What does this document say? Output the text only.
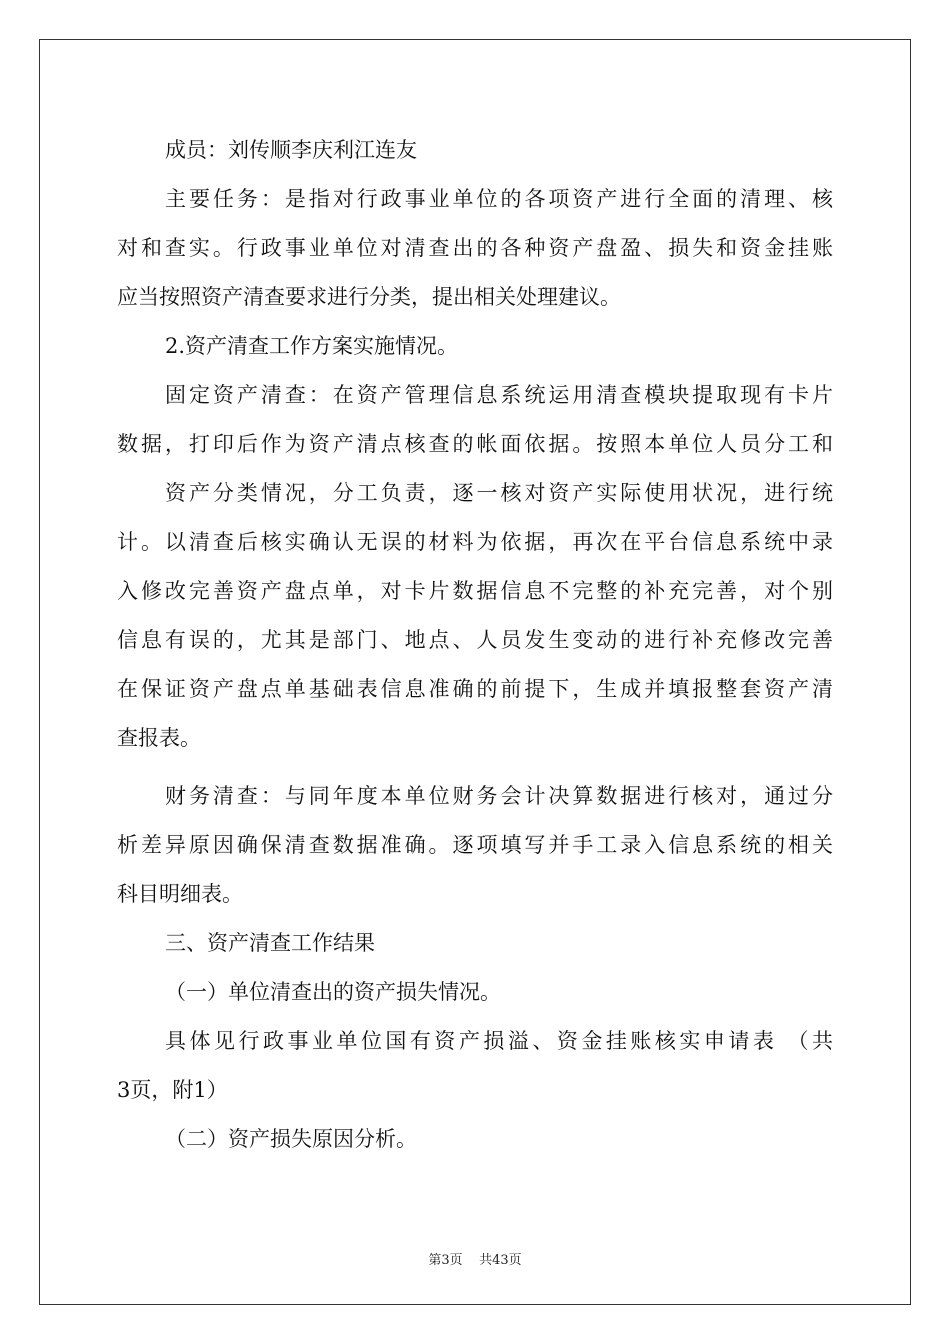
成员：刘传顺李庆利江连友
主要任务：是指对行政事业单位的各项资产进行全面的清理、核
对和查实。行政事业单位对清查出的各种资产盘盈、损失和资金挂账
应当按照资产清查要求进行分类，提出相关处理建议。
2.资产清查工作方案实施情况。
固定资产清查：在资产管理信息系统运用清查模块提取现有卡片
数据，打印后作为资产清点核查的帐面依据。按照本单位人员分工和
资产分类情况，分工负责，逐一核对资产实际使用状况，进行统
计。以清查后核实确认无误的材料为依据，再次在平台信息系统中录
入修改完善资产盘点单，对卡片数据信息不完整的补充完善，对个别
信息有误的，尤其是部门、地点、人员发生变动的进行补充修改完善
在保证资产盘点单基础表信息准确的前提下，生成并填报整套资产清
查报表。
财务清查：与同年度本单位财务会计决算数据进行核对，通过分
析差异原因确保清查数据准确。逐项填写并手工录入信息系统的相关
科目明细表。
三、资产清查工作结果
（一）单位清查出的资产损失情况。
具体见行政事业单位国有资产损溢、资金挂账核实申请表 （共
3页，附1）
（二）资产损失原因分析。
第3页 共43页
